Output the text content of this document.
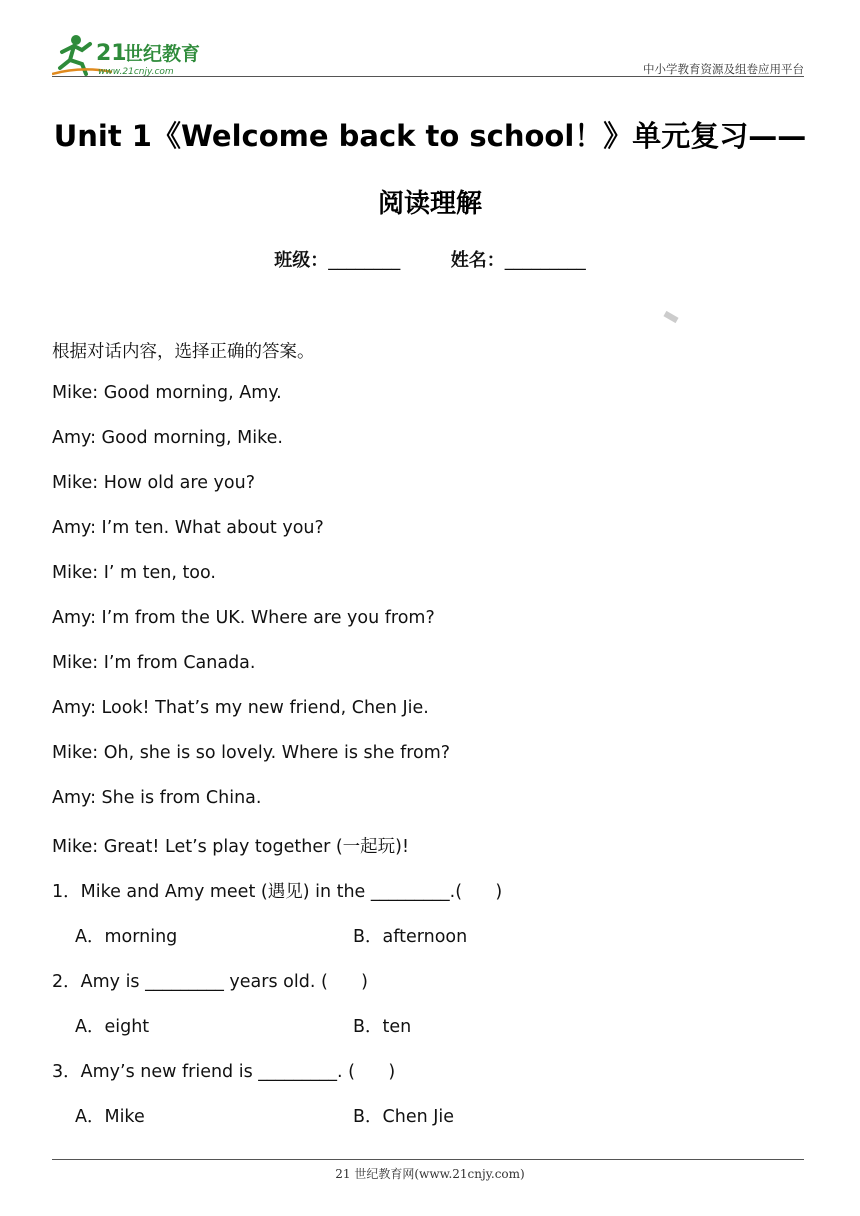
21
世纪教育
www.21cnjy.com	中小学教育资源及组卷应用平台
Unit 1《Welcome back to school！》单元复习——
阅读理解
班级：________	姓名：_________
根据对话内容，选择正确的答案。
Mike: Good morning, Amy.
Amy: Good morning, Mike.
Mike: How old are you?
Amy: I’m ten. What about you?
Mike: I’ m ten, too.
Amy: I’m from the UK. Where are you from?
Mike: I’m from Canada.
Amy: Look! That’s my new friend, Chen Jie.
Mike: Oh, she is so lovely. Where is she from?
Amy: She is from China.
Mike: Great! Let’s play together (一起玩)!
1．Mike and Amy meet (遇见) in the _________.(      )
A．morning	B．afternoon
2．Amy is _________ years old. (      )
A．eight	B．ten
3．Amy’s new friend is _________. (      )
A．Mike	B．Chen Jie
21 世纪教育网(www.21cnjy.com)
